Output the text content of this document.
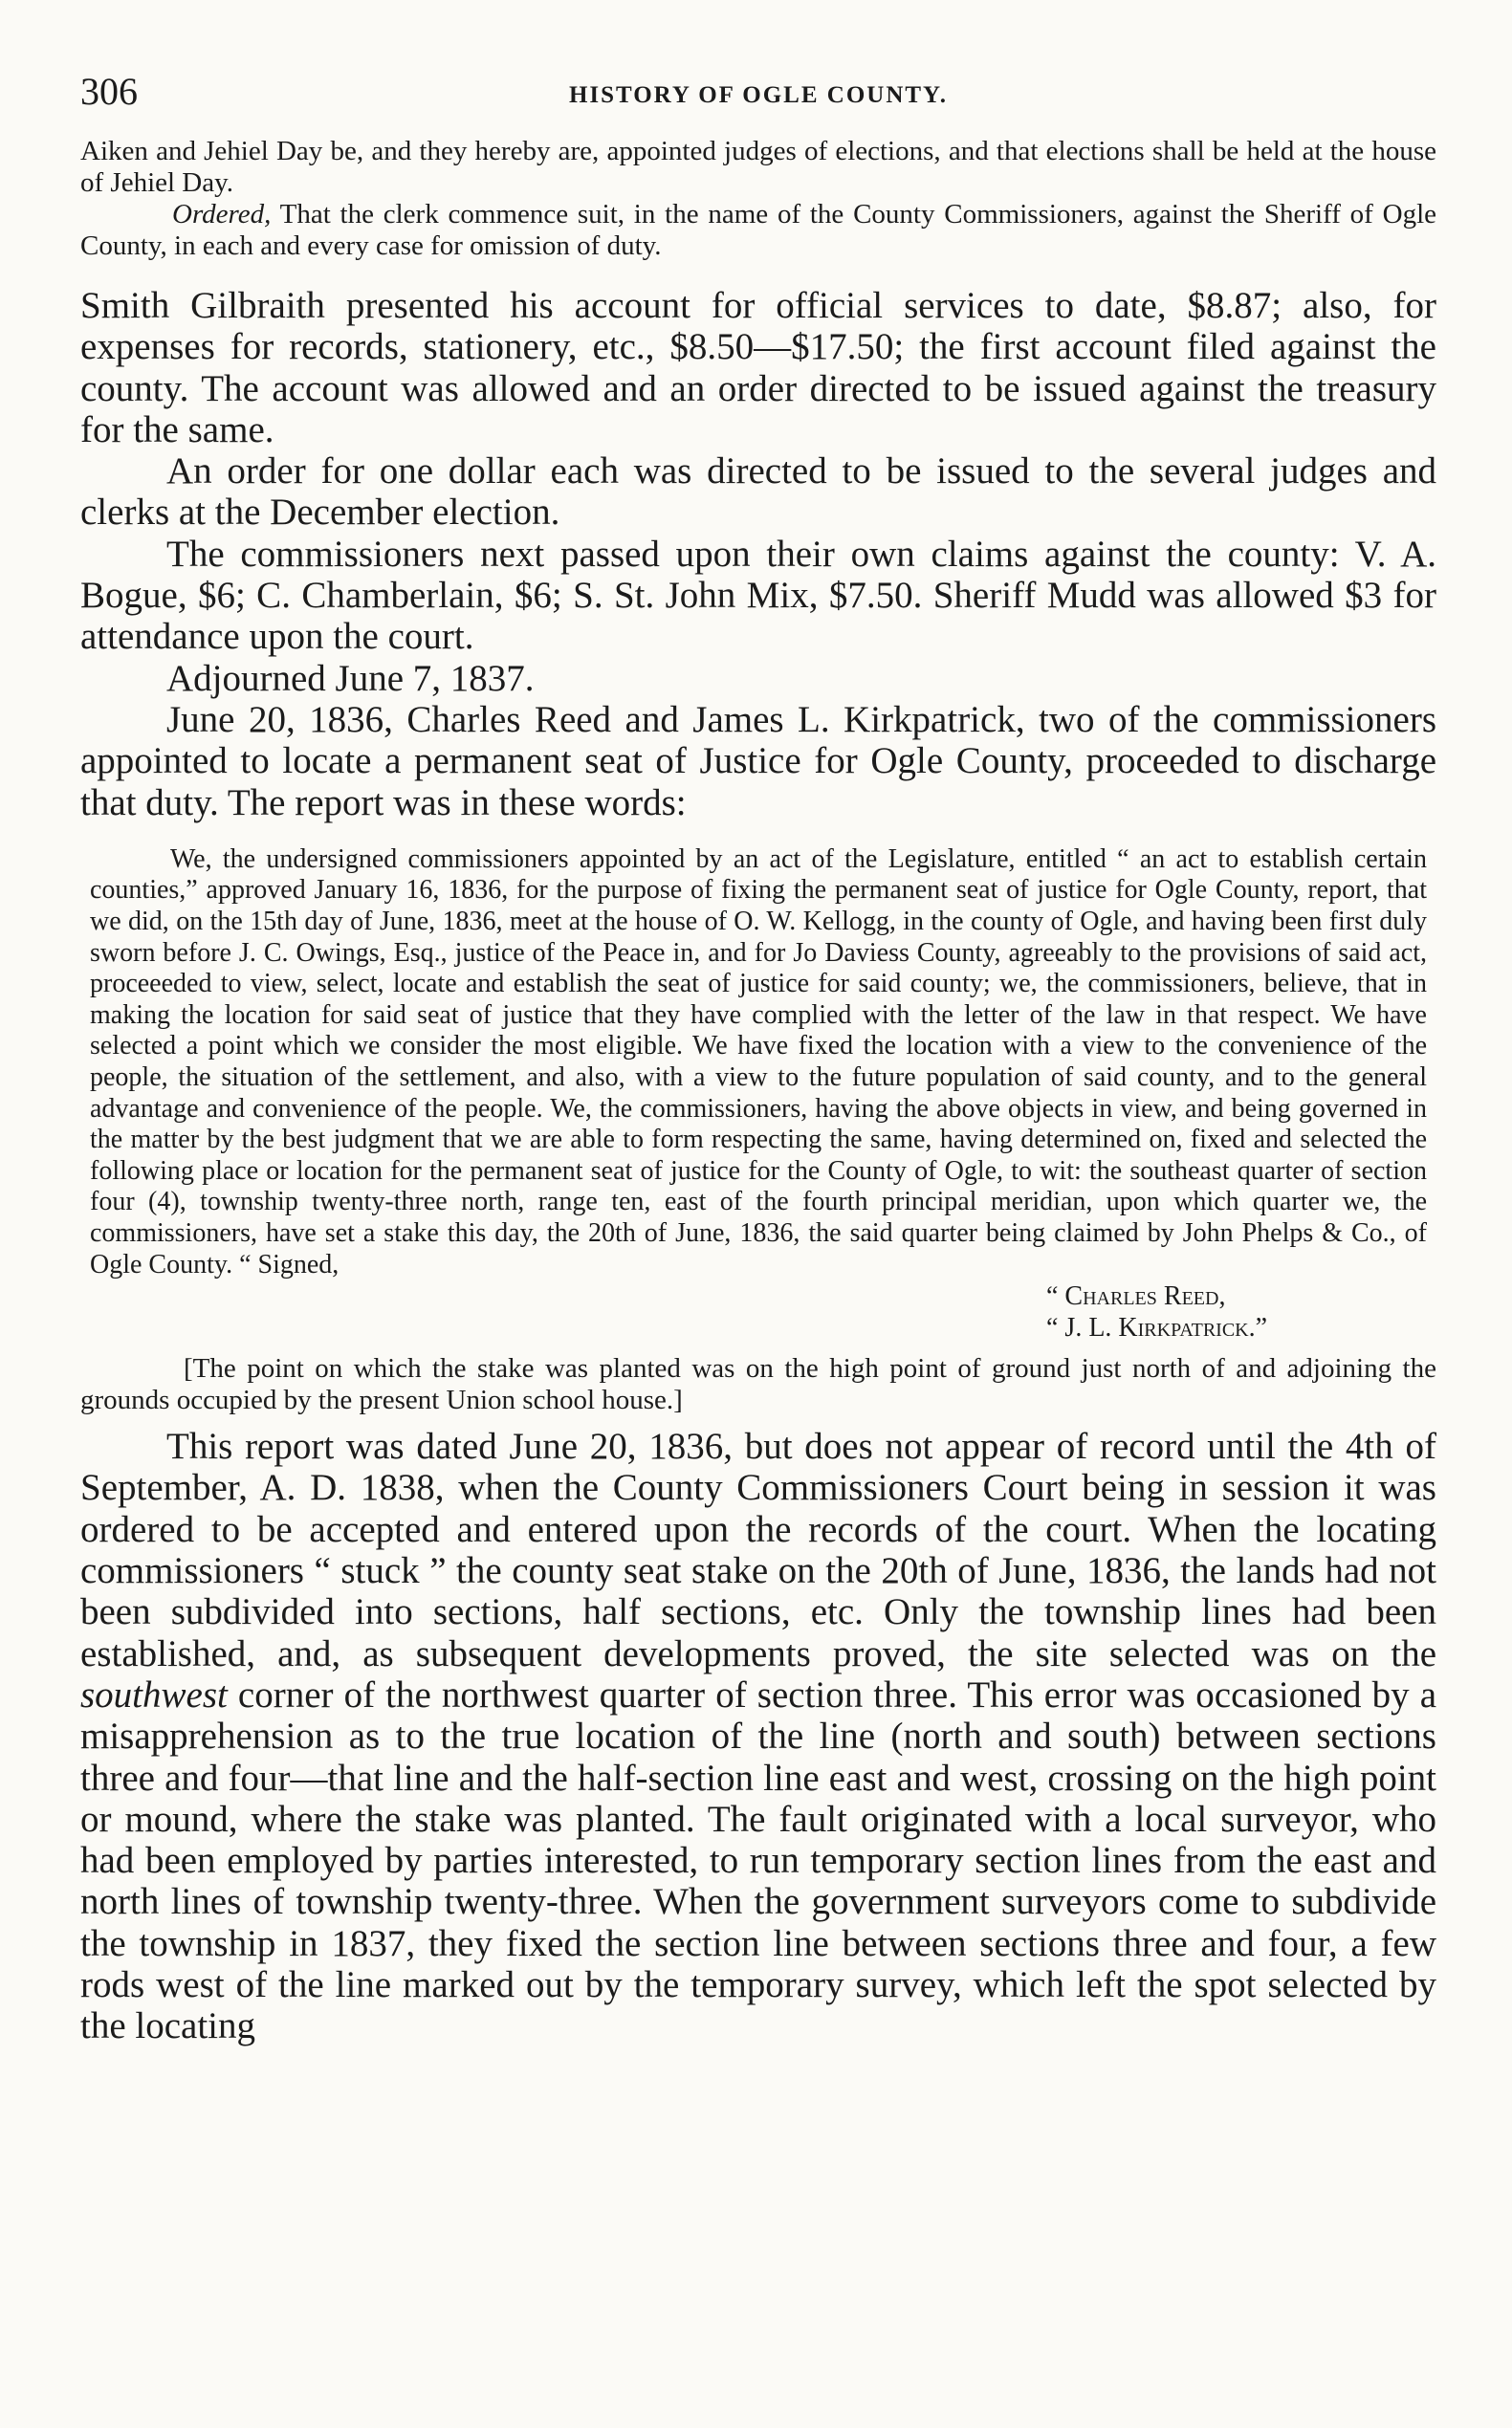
306	HISTORY OF OGLE COUNTY.

Aiken and Jehiel Day be, and they hereby are, appointed judges of elections, and that elections shall be held at the house of Jehiel Day.

Ordered, That the clerk commence suit, in the name of the County Commissioners, against the Sheriff of Ogle County, in each and every case for omission of duty.

Smith Gilbraith presented his account for official services to date, $8.87; also, for expenses for records, stationery, etc., $8.50—$17.50; the first account filed against the county. The account was allowed and an order directed to be issued against the treasury for the same.

An order for one dollar each was directed to be issued to the several judges and clerks at the December election.

The commissioners next passed upon their own claims against the county: V. A. Bogue, $6; C. Chamberlain, $6; S. St. John Mix, $7.50. Sheriff Mudd was allowed $3 for attendance upon the court.

Adjourned June 7, 1837.

June 20, 1836, Charles Reed and James L. Kirkpatrick, two of the commissioners appointed to locate a permanent seat of Justice for Ogle County, proceeded to discharge that duty. The report was in these words:

We, the undersigned commissioners appointed by an act of the Legislature, entitled “ an act to establish certain counties,” approved January 16, 1836, for the purpose of fixing the permanent seat of justice for Ogle County, report, that we did, on the 15th day of June, 1836, meet at the house of O. W. Kellogg, in the county of Ogle, and having been first duly sworn before J. C. Owings, Esq., justice of the Peace in, and for Jo Daviess County, agreeably to the provisions of said act, proceeeded to view, select, locate and establish the seat of justice for said county; we, the commissioners, believe, that in making the location for said seat of justice that they have complied with the letter of the law in that respect. We have selected a point which we consider the most eligible. We have fixed the location with a view to the convenience of the people, the situation of the settlement, and also, with a view to the future population of said county, and to the general advantage and convenience of the people. We, the commissioners, having the above objects in view, and being governed in the matter by the best judgment that we are able to form respecting the same, having determined on, fixed and selected the following place or location for the permanent seat of justice for the County of Ogle, to wit: the southeast quarter of section four (4), township twenty-three north, range ten, east of the fourth principal meridian, upon which quarter we, the commissioners, have set a stake this day, the 20th of June, 1836, the said quarter being claimed by John Phelps & Co., of Ogle County. “ Signed,

“ Charles Reed,

“ J. L. Kirkpatrick.”

[The point on which the stake was planted was on the high point of ground just north of and adjoining the grounds occupied by the present Union school house.]

This report was dated June 20, 1836, but does not appear of record until the 4th of September, A. D. 1838, when the County Commissioners Court being in session it was ordered to be accepted and entered upon the records of the court. When the locating commissioners “ stuck ” the county seat stake on the 20th of June, 1836, the lands had not been subdivided into sections, half sections, etc. Only the township lines had been established, and, as subsequent developments proved, the site selected was on the southwest corner of the northwest quarter of section three. This error was occasioned by a misapprehension as to the true location of the line (north and south) between sections three and four—that line and the half-section line east and west, crossing on the high point or mound, where the stake was planted. The fault originated with a local surveyor, who had been employed by parties interested, to run temporary section lines from the east and north lines of township twenty-three. When the government surveyors come to subdivide the township in 1837, they fixed the section line between sections three and four, a few rods west of the line marked out by the temporary survey, which left the spot selected by the locating
